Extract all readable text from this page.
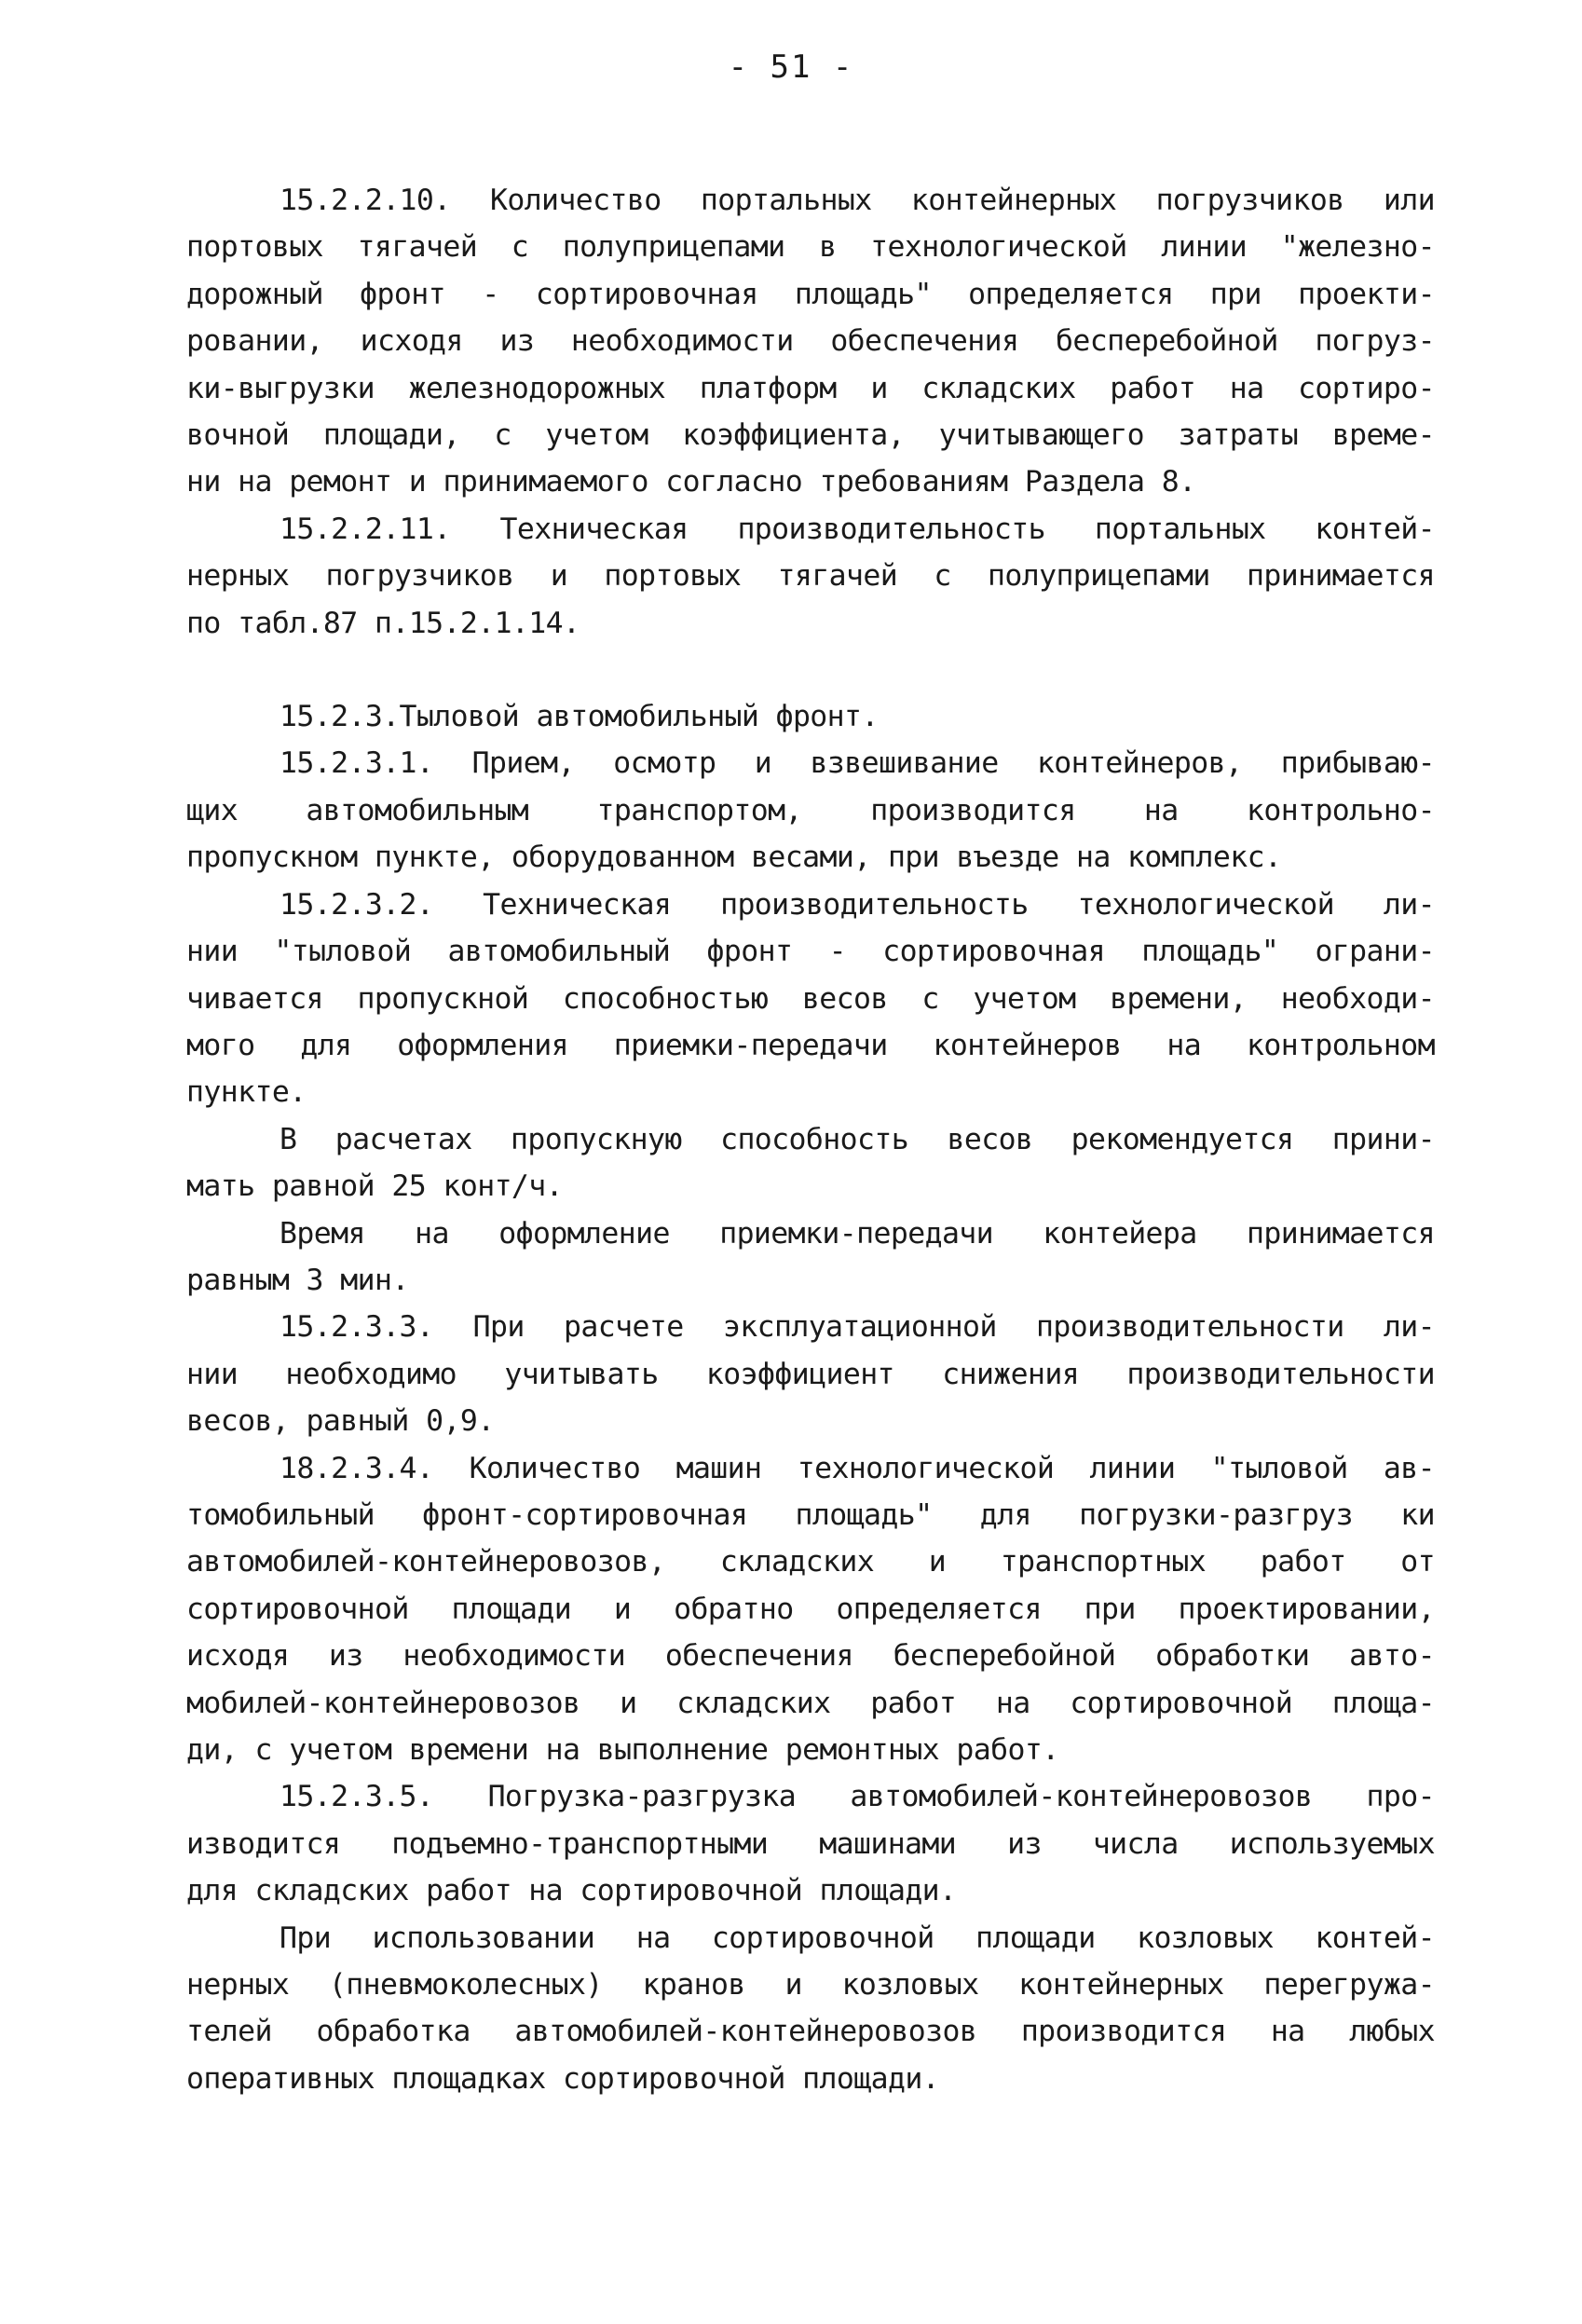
- 51 -
15.2.2.10. Количество портальных контейнерных погрузчиков или
портовых тягачей с полуприцепами в технологической линии "железно-
дорожный фронт - сортировочная площадь" определяется при проекти-
ровании, исходя из необходимости обеспечения бесперебойной погруз-
ки-выгрузки железнодорожных платформ и складских работ на сортиро-
вочной площади, с учетом коэффициента, учитывающего затраты време-
ни на ремонт и принимаемого согласно требованиям Раздела 8.
15.2.2.11. Техническая производительность портальных контей-
нерных погрузчиков и портовых тягачей с полуприцепами принимается
по табл.87 п.15.2.1.14.
15.2.3.Тыловой автомобильный фронт.
15.2.3.1. Прием, осмотр и взвешивание контейнеров, прибываю-
щих автомобильным транспортом, производится на контрольно-
пропускном пункте, оборудованном весами, при въезде на комплекс.
15.2.3.2. Техническая производительность технологической ли-
нии "тыловой автомобильный фронт - сортировочная площадь" ограни-
чивается пропускной способностью весов с учетом времени, необходи-
мого для оформления приемки-передачи контейнеров на контрольном
пункте.
В расчетах пропускную способность весов рекомендуется прини-
мать равной 25 конт/ч.
Время на оформление приемки-передачи контейера принимается
равным 3 мин.
15.2.3.3. При расчете эксплуатационной производительности ли-
нии необходимо учитывать коэффициент снижения производительности
весов, равный 0,9.
18.2.3.4. Количество машин технологической линии "тыловой ав-
томобильный фронт-сортировочная площадь" для погрузки-разгруз ки
автомобилей-контейнеровозов, складских и транспортных работ от
сортировочной площади и обратно определяется при проектировании,
исходя из необходимости обеспечения бесперебойной обработки авто-
мобилей-контейнеровозов и складских работ на сортировочной площа-
ди, с учетом времени на выполнение ремонтных работ.
15.2.3.5. Погрузка-разгрузка автомобилей-контейнеровозов про-
изводится подъемно-транспортными машинами из числа используемых
для складских работ на сортировочной площади.
При использовании на сортировочной площади козловых контей-
нерных (пневмоколесных) кранов и козловых контейнерных перегружа-
телей обработка автомобилей-контейнеровозов производится на любых
оперативных площадках сортировочной площади.
